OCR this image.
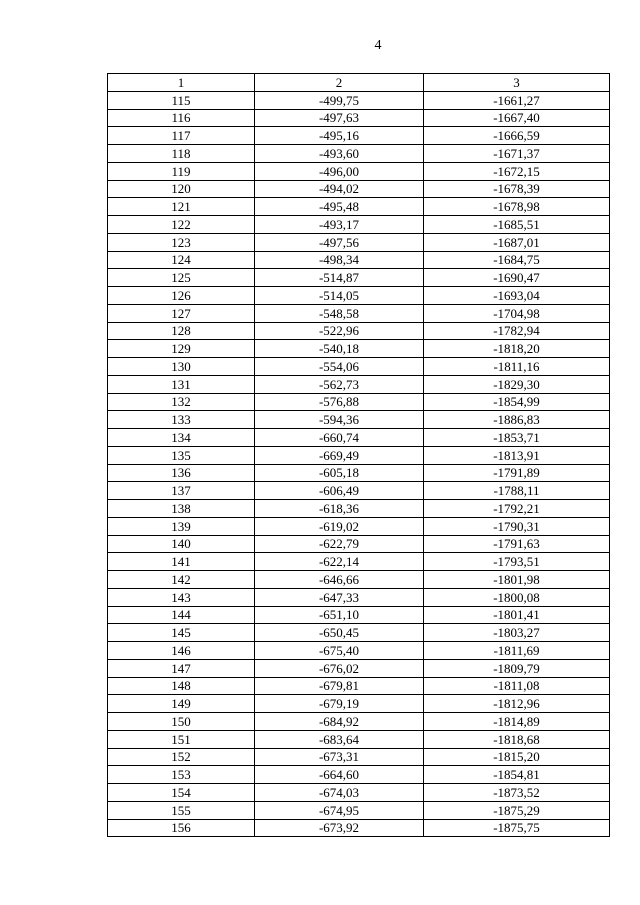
4
1	2	3
115	-499,75	-1661,27
116	-497,63	-1667,40
117	-495,16	-1666,59
118	-493,60	-1671,37
119	-496,00	-1672,15
120	-494,02	-1678,39
121	-495,48	-1678,98
122	-493,17	-1685,51
123	-497,56	-1687,01
124	-498,34	-1684,75
125	-514,87	-1690,47
126	-514,05	-1693,04
127	-548,58	-1704,98
128	-522,96	-1782,94
129	-540,18	-1818,20
130	-554,06	-1811,16
131	-562,73	-1829,30
132	-576,88	-1854,99
133	-594,36	-1886,83
134	-660,74	-1853,71
135	-669,49	-1813,91
136	-605,18	-1791,89
137	-606,49	-1788,11
138	-618,36	-1792,21
139	-619,02	-1790,31
140	-622,79	-1791,63
141	-622,14	-1793,51
142	-646,66	-1801,98
143	-647,33	-1800,08
144	-651,10	-1801,41
145	-650,45	-1803,27
146	-675,40	-1811,69
147	-676,02	-1809,79
148	-679,81	-1811,08
149	-679,19	-1812,96
150	-684,92	-1814,89
151	-683,64	-1818,68
152	-673,31	-1815,20
153	-664,60	-1854,81
154	-674,03	-1873,52
155	-674,95	-1875,29
156	-673,92	-1875,75
